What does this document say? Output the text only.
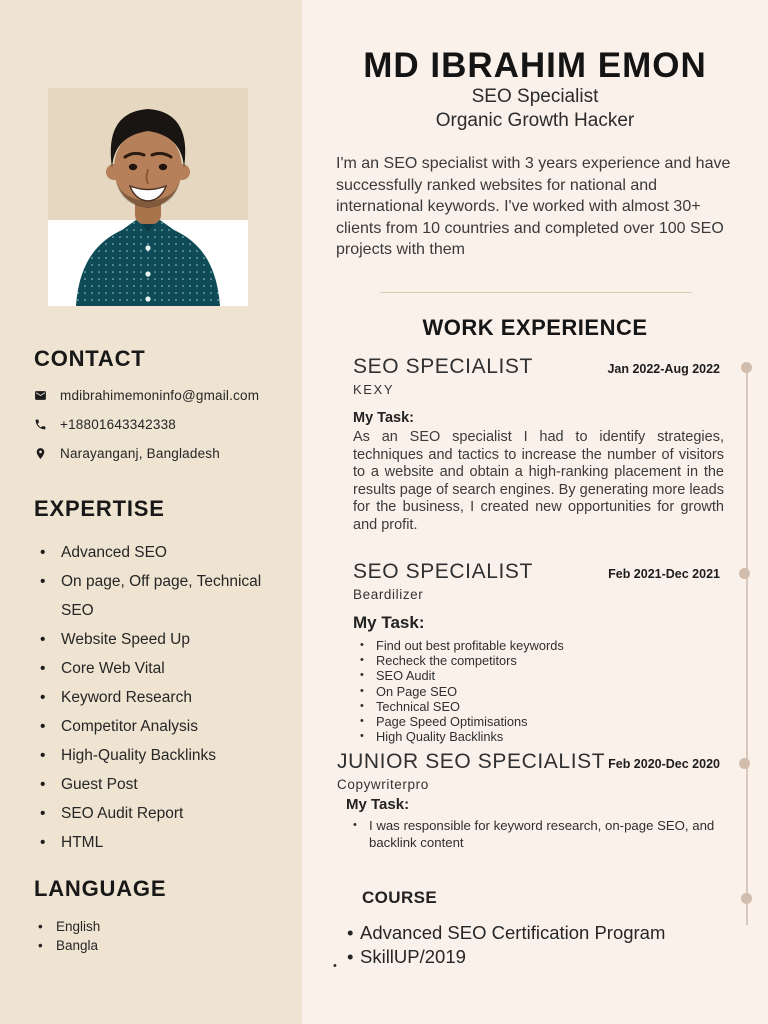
CONTACT
mdibrahimemoninfo@gmail.com
+18801643342338
Narayanganj, Bangladesh
EXPERTISE
• Advanced SEO
• On page, Off page, Technical SEO
• Website Speed Up
• Core Web Vital
• Keyword Research
• Competitor Analysis
• High-Quality Backlinks
• Guest Post
• SEO Audit Report
• HTML
LANGUAGE
• English
• Bangla
MD IBRAHIM EMON
SEO Specialist
Organic Growth Hacker

I'm an SEO specialist with 3 years experience and have successfully ranked websites for national and international keywords. I've worked with almost 30+ clients from 10 countries and completed over 100 SEO projects with them

WORK EXPERIENCE
SEO SPECIALIST	Jan 2022-Aug 2022
KEXY
My Task:

As an SEO specialist I had to identify strategies, techniques and tactics to increase the number of visitors to a website and obtain a high-ranking placement in the results page of search engines. By generating more leads for the business, I created new opportunities for growth and profit.

SEO SPECIALIST	Feb 2021-Dec 2021
Beardilizer
My Task:
• Find out best profitable keywords
• Recheck the competitors
• SEO Audit
• On Page SEO
• Technical SEO
• Page Speed Optimisations
• High Quality Backlinks
JUNIOR SEO SPECIALIST Feb 2020-Dec 2020
Copywriterpro
My Task:
• I was responsible for keyword research, on-page SEO, and backlink content
COURSE
• Advanced SEO Certification Program
• SkillUP/2019
•
